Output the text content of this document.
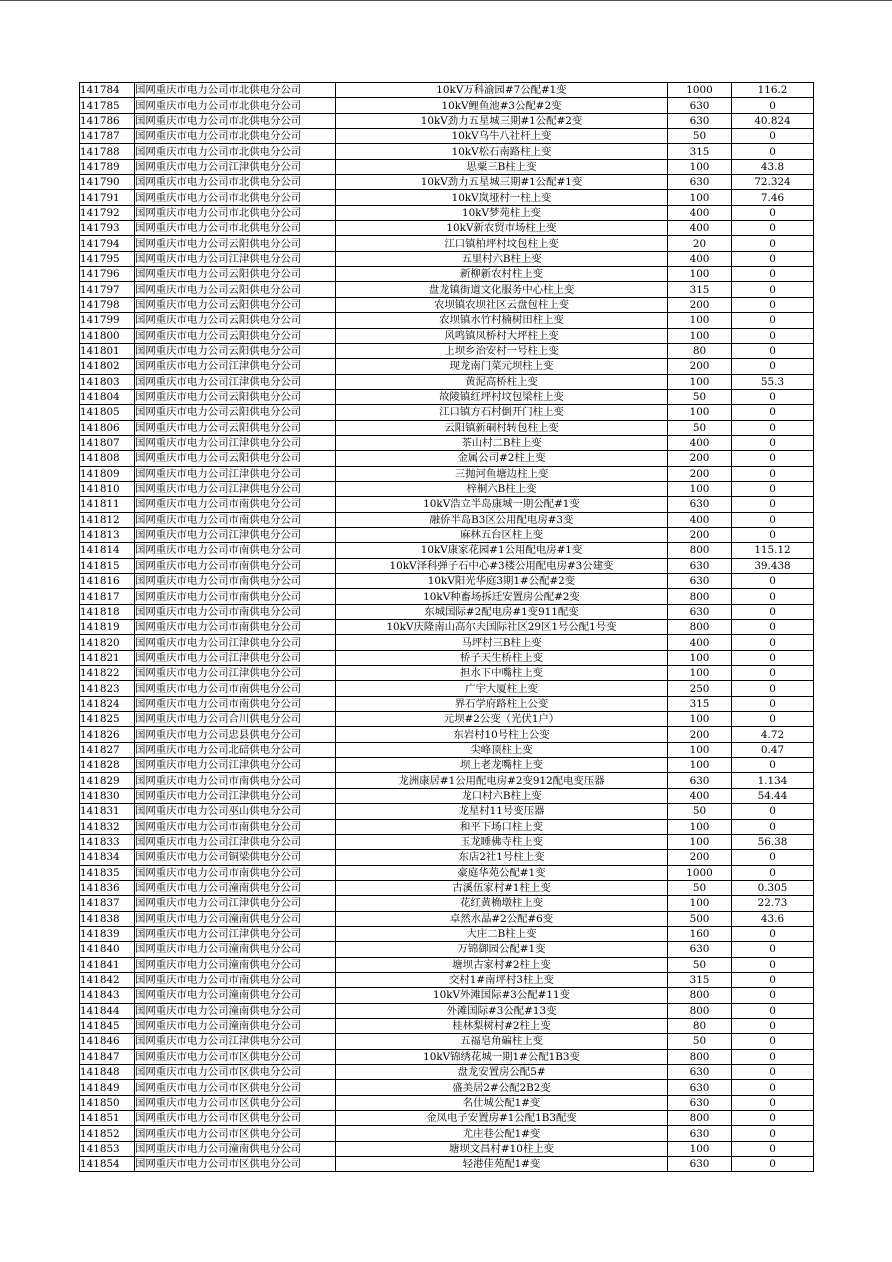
141784	国网重庆市电力公司市北供电分公司	10kV万科渝园#7公配#1变	1000	116.2
141785	国网重庆市电力公司市北供电分公司	10kV鲤鱼池#3公配#2变	630	0
141786	国网重庆市电力公司市北供电分公司	10kV劲力五星城三期#1公配#2变	630	40.824
141787	国网重庆市电力公司市北供电分公司	10kV乌牛八社杆上变	50	0
141788	国网重庆市电力公司市北供电分公司	10kV松石南路柱上变	315	0
141789	国网重庆市电力公司江津供电分公司	思粟三B柱上变	100	43.8
141790	国网重庆市电力公司市北供电分公司	10kV劲力五星城三期#1公配#1变	630	72.324
141791	国网重庆市电力公司市北供电分公司	10kV岚垭村一柱上变	100	7.46
141792	国网重庆市电力公司市北供电分公司	10kV梦苑柱上变	400	0
141793	国网重庆市电力公司市北供电分公司	10kV新农贸市场柱上变	400	0
141794	国网重庆市电力公司云阳供电分公司	江口镇柏坪村坟包柱上变	20	0
141795	国网重庆市电力公司江津供电分公司	五里村六B柱上变	400	0
141796	国网重庆市电力公司云阳供电分公司	新柳新农村柱上变	100	0
141797	国网重庆市电力公司云阳供电分公司	盘龙镇街道文化服务中心柱上变	315	0
141798	国网重庆市电力公司云阳供电分公司	农坝镇农坝社区云盘包柱上变	200	0
141799	国网重庆市电力公司云阳供电分公司	农坝镇水竹村楠树田柱上变	100	0
141800	国网重庆市电力公司云阳供电分公司	风鸣镇凤桥村大坪柱上变	100	0
141801	国网重庆市电力公司云阳供电分公司	上坝乡治安村一号柱上变	80	0
141802	国网重庆市电力公司江津供电分公司	现龙南门菜元坝柱上变	200	0
141803	国网重庆市电力公司江津供电分公司	黄泥高桥柱上变	100	55.3
141804	国网重庆市电力公司云阳供电分公司	故陵镇红坪村坟包梁柱上变	50	0
141805	国网重庆市电力公司云阳供电分公司	江口镇方石村倒开门柱上变	100	0
141806	国网重庆市电力公司云阳供电分公司	云阳镇新硐村转包柱上变	50	0
141807	国网重庆市电力公司江津供电分公司	茶山村二B柱上变	400	0
141808	国网重庆市电力公司云阳供电分公司	金属公司#2柱上变	200	0
141809	国网重庆市电力公司江津供电分公司	三抛河鱼塘边柱上变	200	0
141810	国网重庆市电力公司江津供电分公司	梓桐六B柱上变	100	0
141811	国网重庆市电力公司市南供电分公司	10kV浩立半岛康城一期公配#1变	630	0
141812	国网重庆市电力公司市南供电分公司	融侨半岛B3区公用配电房#3变	400	0
141813	国网重庆市电力公司江津供电分公司	麻林五台区柱上变	200	0
141814	国网重庆市电力公司市南供电分公司	10kV康家花园#1公用配电房#1变	800	115.12
141815	国网重庆市电力公司市南供电分公司	10kV泽科弹子石中心#3楼公用配电房#3公建变	630	39.438
141816	国网重庆市电力公司市南供电分公司	10kV阳光华庭3期1#公配#2变	630	0
141817	国网重庆市电力公司市南供电分公司	10kV种畜场拆迁安置房公配#2变	800	0
141818	国网重庆市电力公司市南供电分公司	东城国际#2配电房#1变911配变	630	0
141819	国网重庆市电力公司市南供电分公司	10kV庆隆南山高尔夫国际社区29区1号公配1号变	800	0
141820	国网重庆市电力公司江津供电分公司	马坪村三B柱上变	400	0
141821	国网重庆市电力公司江津供电分公司	桥子天生桥柱上变	100	0
141822	国网重庆市电力公司江津供电分公司	担水下中嘴柱上变	100	0
141823	国网重庆市电力公司市南供电分公司	广宇大厦柱上变	250	0
141824	国网重庆市电力公司市南供电分公司	界石学府路柱上公变	315	0
141825	国网重庆市电力公司合川供电分公司	元坝#2公变（光伏1户）	100	0
141826	国网重庆市电力公司忠县供电分公司	东岩村10号柱上公变	200	4.72
141827	国网重庆市电力公司北碚供电分公司	尖峰顶柱上变	100	0.47
141828	国网重庆市电力公司江津供电分公司	坝上老龙嘴柱上变	100	0
141829	国网重庆市电力公司市南供电分公司	龙洲康居#1公用配电房#2变912配电变压器	630	1.134
141830	国网重庆市电力公司江津供电分公司	龙口村六B柱上变	400	54.44
141831	国网重庆市电力公司巫山供电分公司	龙星村11号变压器	50	0
141832	国网重庆市电力公司市南供电分公司	和平下场口柱上变	100	0
141833	国网重庆市电力公司江津供电分公司	玉龙睡佛寺柱上变	100	56.38
141834	国网重庆市电力公司铜梁供电分公司	东店2社1号柱上变	200	0
141835	国网重庆市电力公司市南供电分公司	豪庭华苑公配#1变	1000	0
141836	国网重庆市电力公司潼南供电分公司	古溪伍家村#1柱上变	50	0.305
141837	国网重庆市电力公司江津供电分公司	花红黄桷墩柱上变	100	22.73
141838	国网重庆市电力公司潼南供电分公司	卓然水晶#2公配#6变	500	43.6
141839	国网重庆市电力公司江津供电分公司	大庄二B柱上变	160	0
141840	国网重庆市电力公司潼南供电分公司	万锦御园公配#1变	630	0
141841	国网重庆市电力公司潼南供电分公司	塘坝古家村#2柱上变	50	0
141842	国网重庆市电力公司市南供电分公司	交村1#南坪村3柱上变	315	0
141843	国网重庆市电力公司潼南供电分公司	10kV外滩国际#3公配#11变	800	0
141844	国网重庆市电力公司潼南供电分公司	外滩国际#3公配#13变	800	0
141845	国网重庆市电力公司潼南供电分公司	桂林梨树村#2柱上变	80	0
141846	国网重庆市电力公司江津供电分公司	五福皂角碥柱上变	50	0
141847	国网重庆市电力公司市区供电分公司	10kV锦绣花城一期1#公配1B3变	800	0
141848	国网重庆市电力公司市区供电分公司	盘龙安置房公配5#	630	0
141849	国网重庆市电力公司市区供电分公司	盛美居2#公配2B2变	630	0
141850	国网重庆市电力公司市区供电分公司	名仕城公配1#变	630	0
141851	国网重庆市电力公司市区供电分公司	金凤电子安置房#1公配1B3配变	800	0
141852	国网重庆市电力公司市区供电分公司	尤庄巷公配1#变	630	0
141853	国网重庆市电力公司潼南供电分公司	塘坝文昌村#10柱上变	100	0
141854	国网重庆市电力公司市区供电分公司	轻港佳苑配1#变	630	0
